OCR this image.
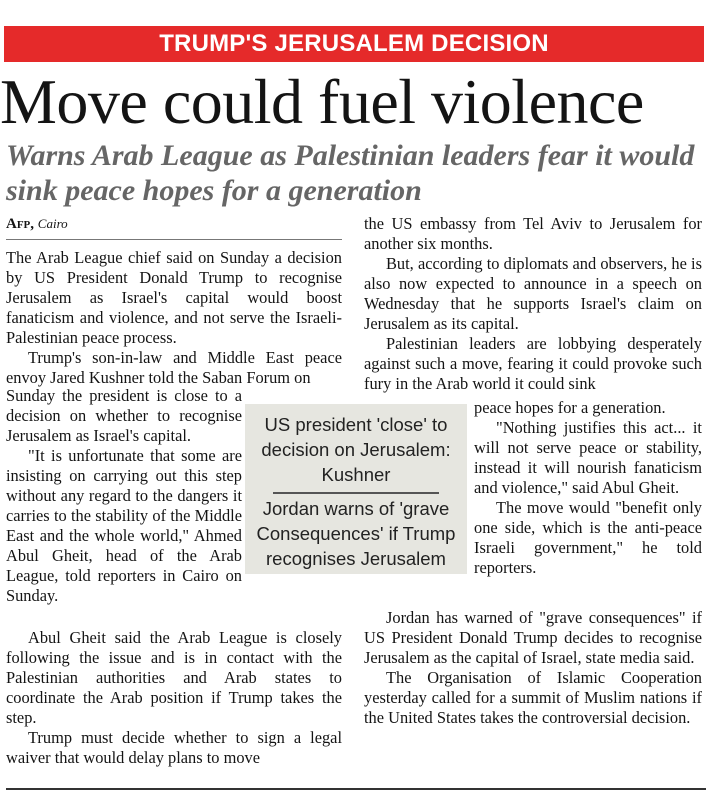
TRUMP'S JERUSALEM DECISION
Move could fuel violence
Warns Arab League as Palestinian leaders fear it would sink peace hopes for a generation
Afp, Cairo

The Arab League chief said on Sunday a decision by US President Donald Trump to recognise Jerusalem as Israel's capital would boost fanaticism and violence, and not serve the Israeli-Palestinian peace process.

Trump's son-in-law and Middle East peace envoy Jared Kushner told the Saban Forum on

Sunday the president is close to a decision on whether to recognise Jerusalem as Israel's capital.

"It is unfortunate that some are insisting on carrying out this step without any regard to the dangers it carries to the stability of the Middle East and the whole world," Ahmed Abul Gheit, head of the Arab League, told reporters in Cairo on Sunday.

Abul Gheit said the Arab League is closely following the issue and is in contact with the Palestinian authorities and Arab states to coordinate the Arab position if Trump takes the step.

Trump must decide whether to sign a legal waiver that would delay plans to move

the US embassy from Tel Aviv to Jerusalem for another six months.

But, according to diplomats and observers, he is also now expected to announce in a speech on Wednesday that he supports Israel's claim on Jerusalem as its capital.

Palestinian leaders are lobbying desperately against such a move, fearing it could provoke such fury in the Arab world it could sink

peace hopes for a generation.

"Nothing justifies this act... it will not serve peace or stability, instead it will nourish fanaticism and violence," said Abul Gheit.

The move would "benefit only one side, which is the anti-peace Israeli government," he told reporters.

Jordan has warned of "grave consequences" if US President Donald Trump decides to recognise Jerusalem as the capital of Israel, state media said.

The Organisation of Islamic Cooperation yesterday called for a summit of Muslim nations if the United States takes the controversial decision.

US president 'close' to decision on Jerusalem: Kushner
Jordan warns of 'grave Consequences' if Trump recognises Jerusalem
